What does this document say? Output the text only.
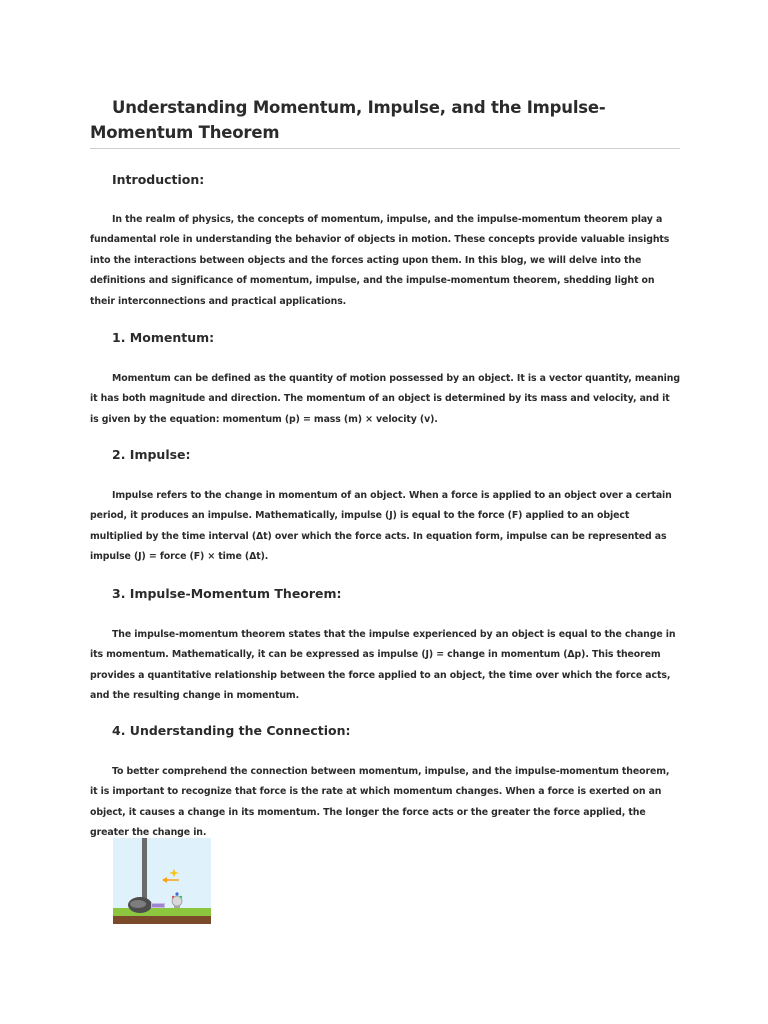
Understanding Momentum, Impulse, and the Impulse-Momentum Theorem
Introduction:

In the realm of physics, the concepts of momentum, impulse, and the impulse-momentum theorem play a fundamental role in understanding the behavior of objects in motion. These concepts provide valuable insights into the interactions between objects and the forces acting upon them. In this blog, we will delve into the definitions and significance of momentum, impulse, and the impulse-momentum theorem, shedding light on their interconnections and practical applications.

1. Momentum:

Momentum can be defined as the quantity of motion possessed by an object. It is a vector quantity, meaning it has both magnitude and direction. The momentum of an object is determined by its mass and velocity, and it is given by the equation: momentum (p) = mass (m) × velocity (v).

2. Impulse:

Impulse refers to the change in momentum of an object. When a force is applied to an object over a certain period, it produces an impulse. Mathematically, impulse (J) is equal to the force (F) applied to an object multiplied by the time interval (Δt) over which the force acts. In equation form, impulse can be represented as impulse (J) = force (F) × time (Δt).

3. Impulse-Momentum Theorem:

The impulse-momentum theorem states that the impulse experienced by an object is equal to the change in its momentum. Mathematically, it can be expressed as impulse (J) = change in momentum (Δp). This theorem provides a quantitative relationship between the force applied to an object, the time over which the force acts, and the resulting change in momentum.

4. Understanding the Connection:

To better comprehend the connection between momentum, impulse, and the impulse-momentum theorem, it is important to recognize that force is the rate at which momentum changes. When a force is exerted on an object, it causes a change in its momentum. The longer the force acts or the greater the force applied, the greater the change in.
